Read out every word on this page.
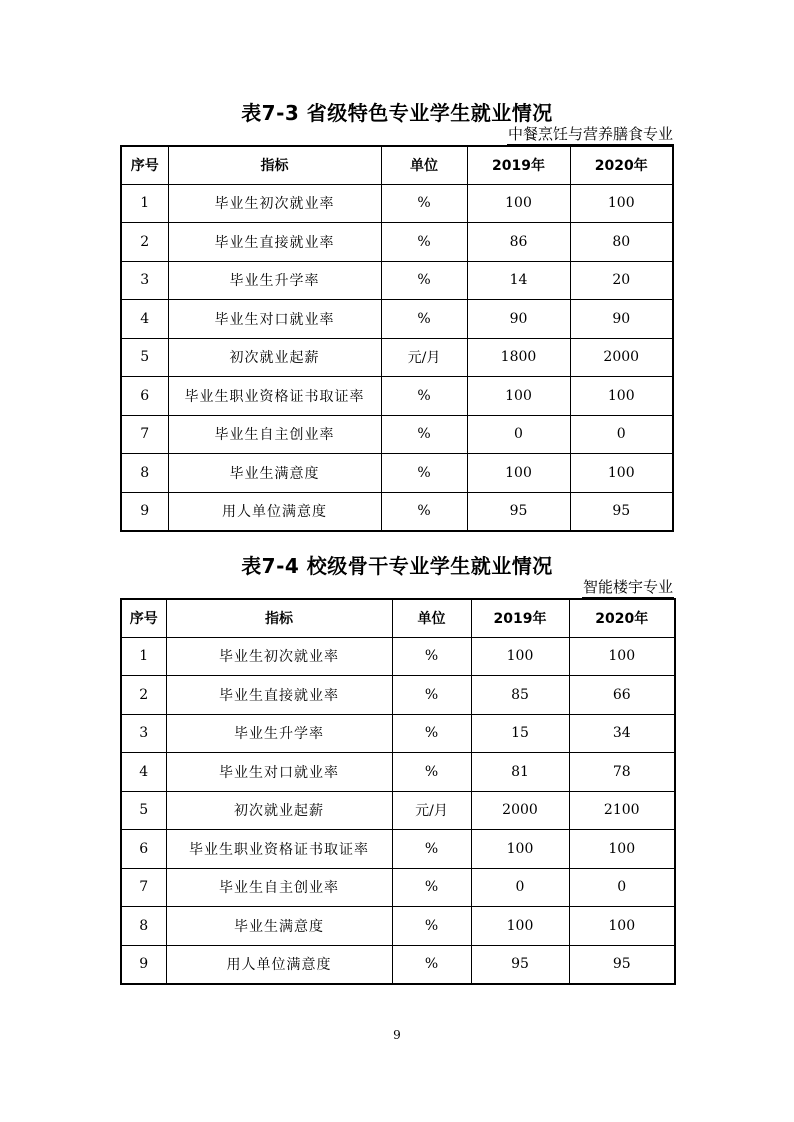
表7-3 省级特色专业学生就业情况
中餐烹饪与营养膳食专业
序号	指标	单位	2019年	2020年
1	毕业生初次就业率	%	100	100
2	毕业生直接就业率	%	86	80
3	毕业生升学率	%	14	20
4	毕业生对口就业率	%	90	90
5	初次就业起薪	元/月	1800	2000
6	毕业生职业资格证书取证率	%	100	100
7	毕业生自主创业率	%	0	0
8	毕业生满意度	%	100	100
9	用人单位满意度	%	95	95
表7-4 校级骨干专业学生就业情况
智能楼宇专业
序号	指标	单位	2019年	2020年
1	毕业生初次就业率	%	100	100
2	毕业生直接就业率	%	85	66
3	毕业生升学率	%	15	34
4	毕业生对口就业率	%	81	78
5	初次就业起薪	元/月	2000	2100
6	毕业生职业资格证书取证率	%	100	100
7	毕业生自主创业率	%	0	0
8	毕业生满意度	%	100	100
9	用人单位满意度	%	95	95
9
